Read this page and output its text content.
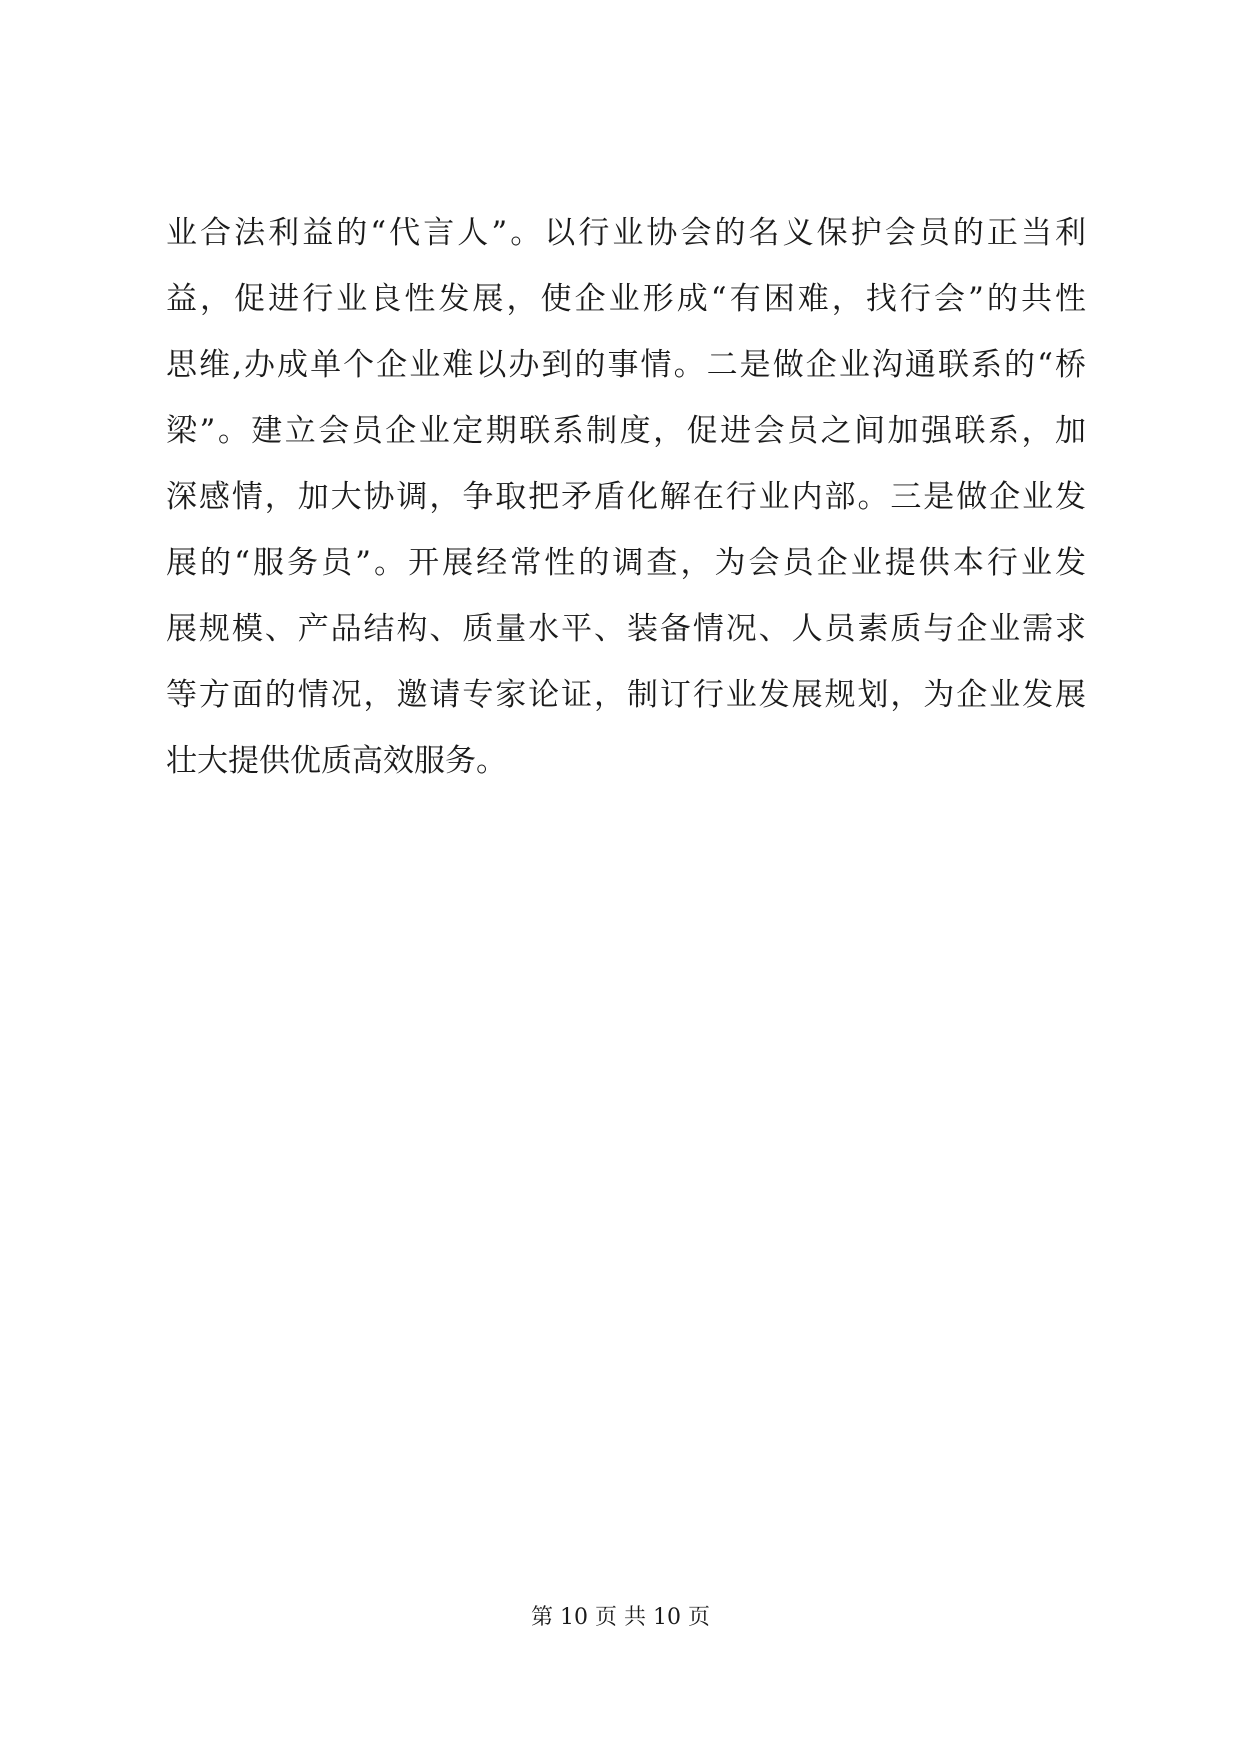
业合法利益的“代言人”。以行业协会的名义保护会员的正当利
益，促进行业良性发展，使企业形成“有困难，找行会”的共性
思维,办成单个企业难以办到的事情。二是做企业沟通联系的“桥
梁”。建立会员企业定期联系制度，促进会员之间加强联系，加
深感情，加大协调，争取把矛盾化解在行业内部。三是做企业发
展的“服务员”。开展经常性的调查，为会员企业提供本行业发
展规模、产品结构、质量水平、装备情况、人员素质与企业需求
等方面的情况，邀请专家论证，制订行业发展规划，为企业发展
壮大提供优质高效服务。
第 10 页 共 10 页
